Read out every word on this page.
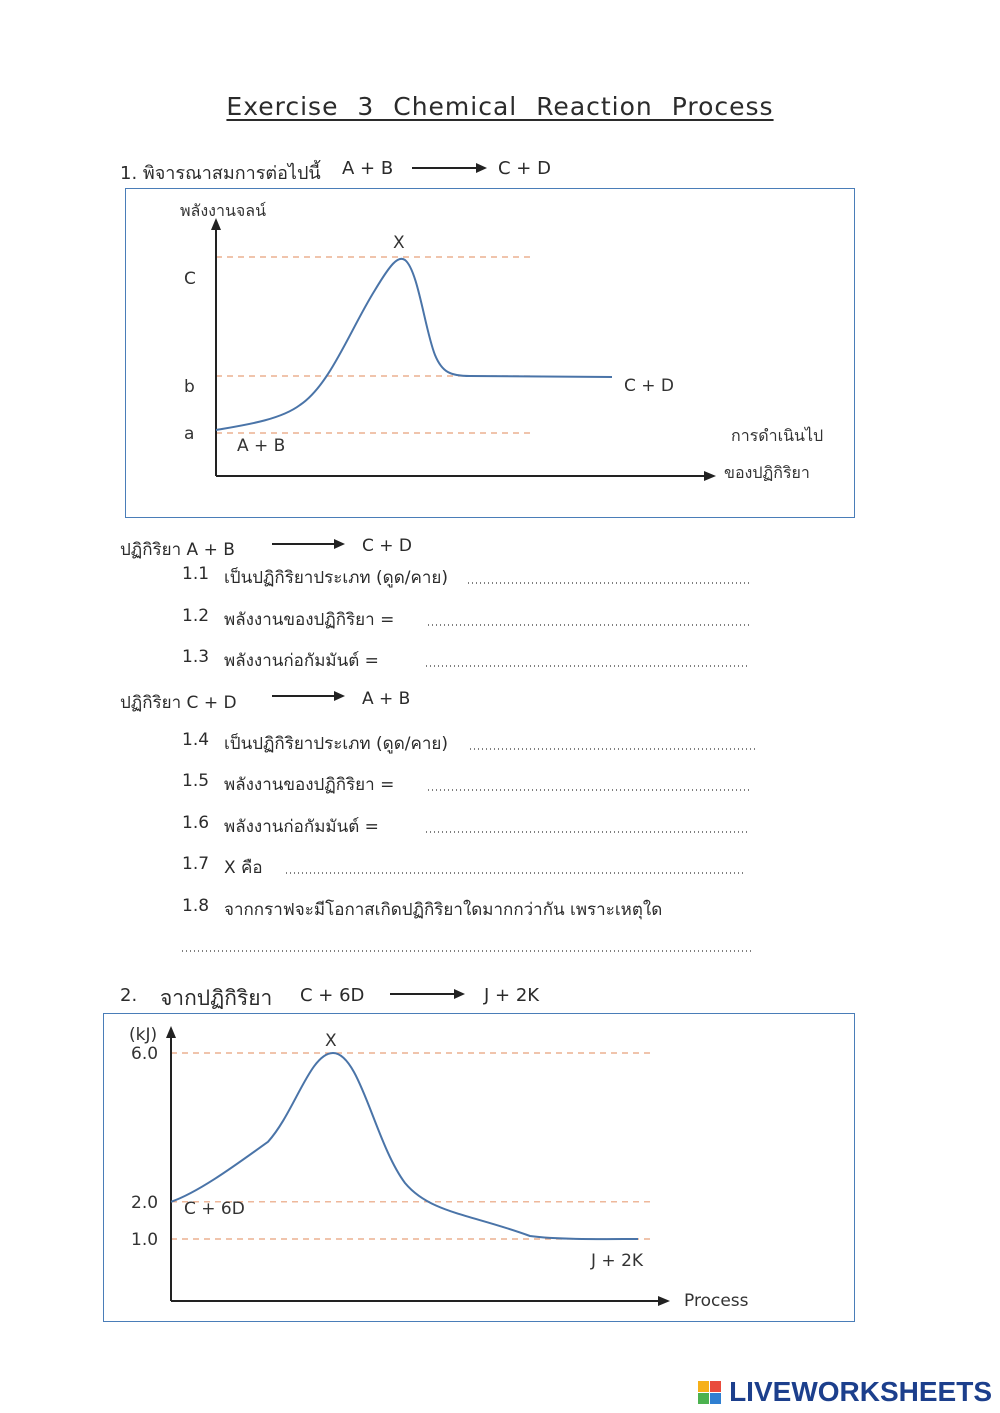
Exercise 3 Chemical Reaction Process
1. พิจารณาสมการต่อไปนี้ A + B	C + D
พลังงานจลน์
X
C
b
a
A + B
C + D
การดำเนินไป
ของปฏิกิริยา
ปฏิกิริยา A + B	C + D
1.1 เป็นปฏิกิริยาประเภท (ดูด/คาย)
1.2 พลังงานของปฏิกิริยา =
1.3 พลังงานก่อกัมมันต์ =
ปฏิกิริยา C + D	A + B
1.4 เป็นปฏิกิริยาประเภท (ดูด/คาย)
1.5 พลังงานของปฏิกิริยา =
1.6 พลังงานก่อกัมมันต์ =
1.7 X คือ
1.8 จากกราฟจะมีโอกาสเกิดปฏิกิริยาใดมากกว่ากัน เพราะเหตุใด
2. จากปฏิกิริยา C + 6D	J + 2K
(kJ)	X
C + 6D
J + 2K
Process
6.0
2.0
1.0
LIVEWORKSHEETS
